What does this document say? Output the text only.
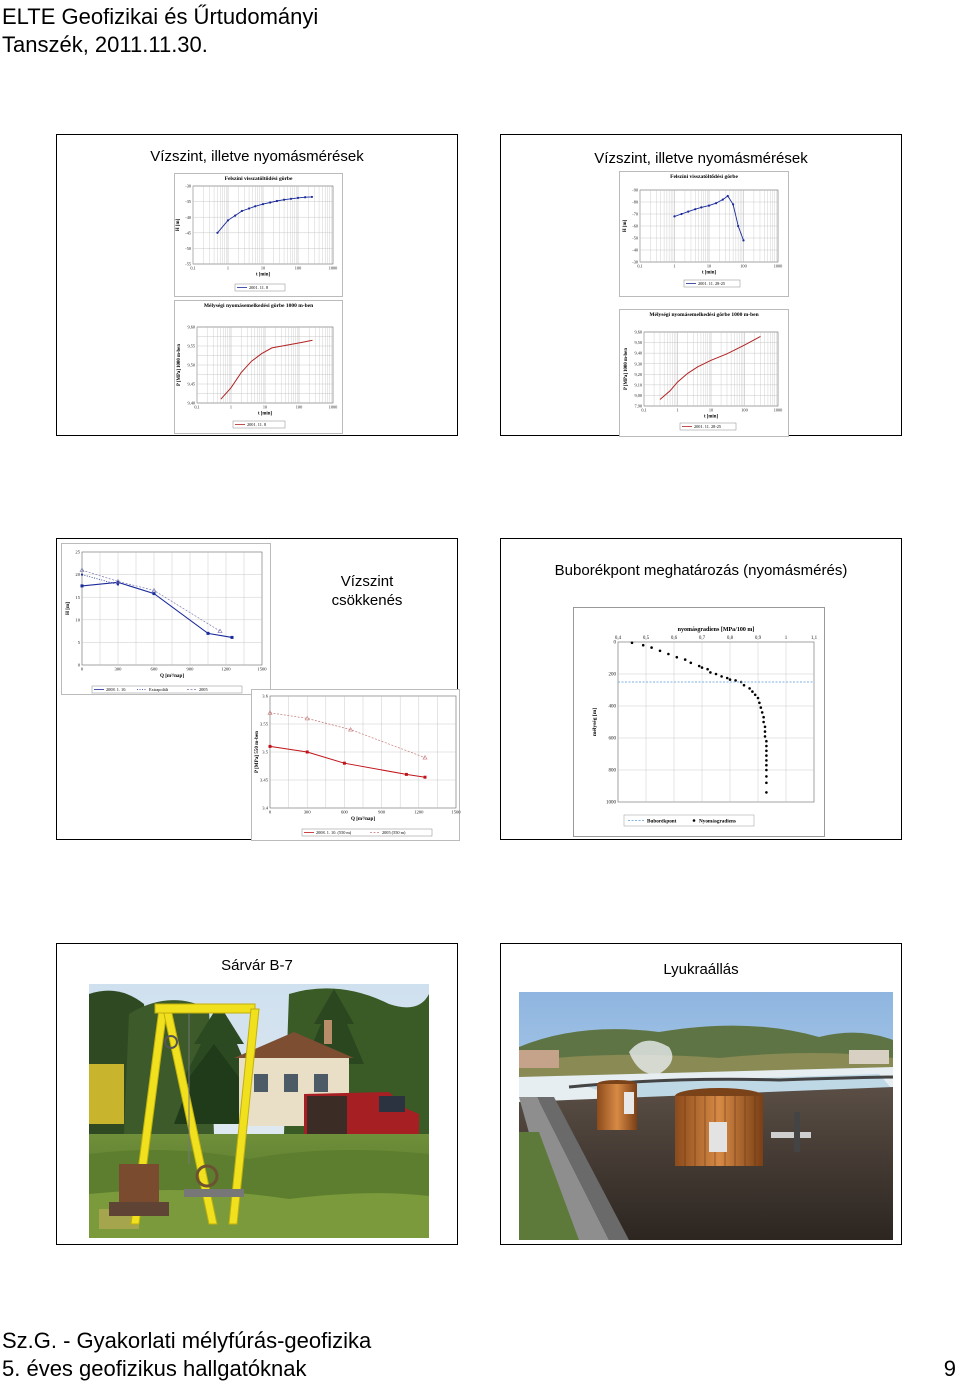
ELTE Geofizikai és Űrtudományi
Tanszék, 2011.11.30.
Vízszint, illetve nyomásmérések
Felszíni visszatöltődési görbe
-30
-35
-40
-45
-50
-55
0,1	1	10	100	1000
t [min]
H [m]
2001. 11. 8
Mélységi nyomásemelkedési görbe 1000 m-ben
9,60
9,55
9,50
9,45
9,40
0,1	1	10	100	1000
t [min]
P [MPa] 1000 m-ben
2001. 11. 8
Vízszint, illetve nyomásmérések
Felszíni visszatöltődési görbe
-90
-80
-70
-60
-50
-40
-30
0,1	1	10	100	1000
t [min]
H [m]
2001. 11. 28-25
Mélységi nyomásemelkedési görbe 1000 m-ben
9,60
9,50
9,40
9,30
9,20
9,10
9,00
7,90
0,1	1	10	100	1000
t [min]
P [MPa] 1000 m-ben
2001. 11. 28-25
Vízszint
csökkenés
25
20
15
10
5
0
0	300	600	900	1200	1500
Q [m³/nap]
H [m]
2008. 1. 10.	Extrapolált	2005
3.6
3.55
3.5
3.45
3.4
0	300	600	900	1200	1500
Q [m³/nap]
P [MPa] 550 m-ben
2008. 1. 10. (550 m)	2005 (550 m)
Buborékpont meghatározás (nyomásmérés)
0
200
400
600
800
1000
0,4	0,5	0,6	0,7	0,8	0,9	1	1,1
nyomásgradiens [MPa/100 m]
mélység [m]
Buborékpont	Nyomásgradiens
Sárvár B-7	Lyukraállás
Sz.G. - Gyakorlati mélyfúrás-geofizika
5. éves geofizikus hallgatóknak	9
